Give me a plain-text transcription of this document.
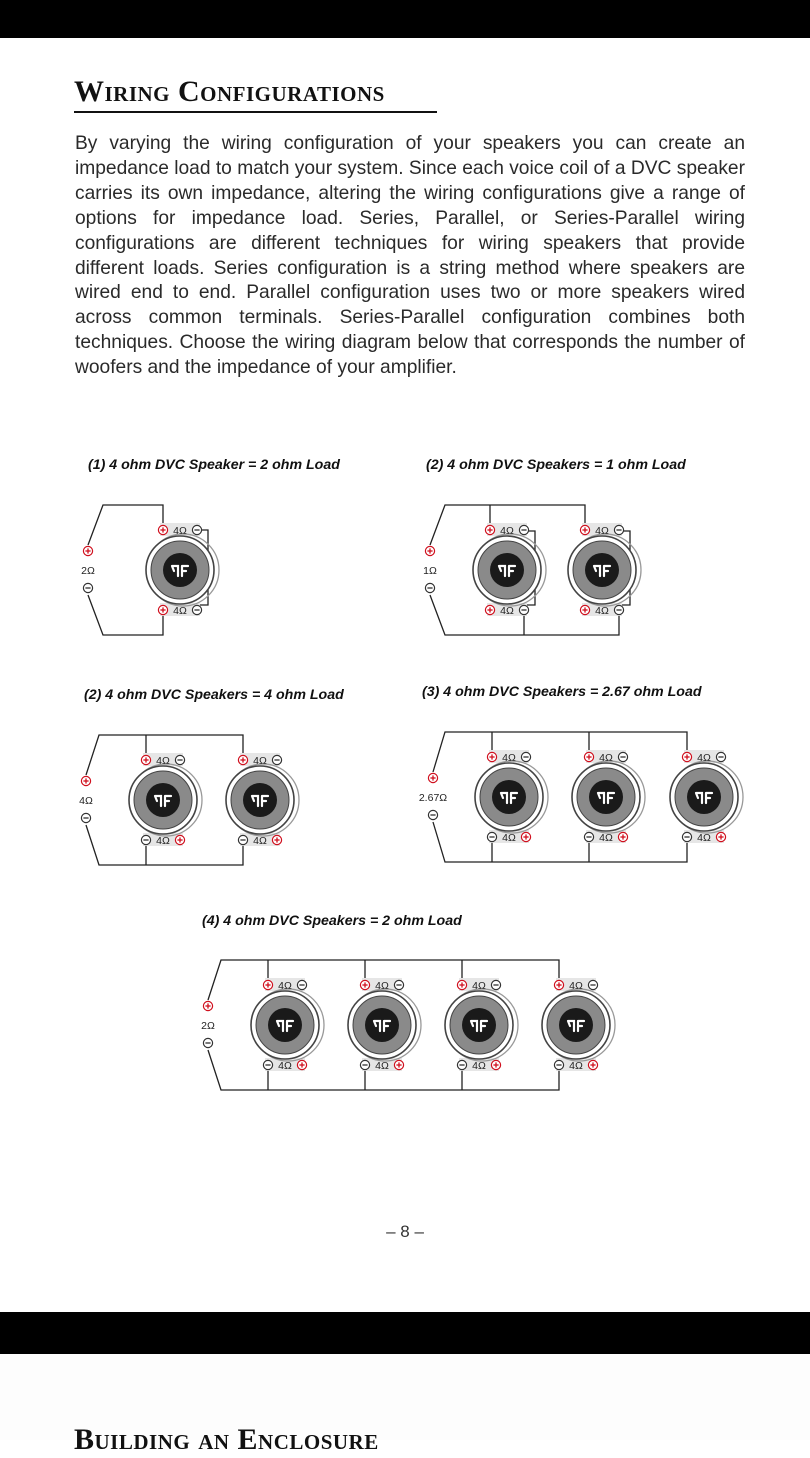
Wiring Configurations

By varying the wiring configuration of your speakers you can create an impedance load to match your system. Since each voice coil of a DVC speaker carries its own impedance, altering the wiring configurations give a range of options for impedance load. Series, Parallel, or Series-Parallel wiring configurations are different techniques for wiring speakers that provide different loads. Series configuration is a string method where speakers are wired end to end. Parallel configuration uses two or more speakers wired across common terminals. Series-Parallel configuration combines both techniques. Choose the wiring diagram below that corresponds the number of woofers and the impedance of your amplifier.

(1) 4 ohm DVC Speaker = 2 ohm Load

4Ω
4Ω
2Ω

(2) 4 ohm DVC Speakers = 1 ohm Load

4Ω
4Ω
4Ω
4Ω
1Ω

(2) 4 ohm DVC Speakers = 4 ohm Load

4Ω
4Ω
4Ω
4Ω
4Ω

(3) 4 ohm DVC Speakers = 2.67 ohm Load

4Ω
4Ω
4Ω
4Ω
4Ω
4Ω
2.67Ω

(4) 4 ohm DVC Speakers = 2 ohm Load

4Ω
4Ω
4Ω
4Ω
4Ω
4Ω
4Ω
4Ω
2Ω

– 8 –

Building an Enclosure
